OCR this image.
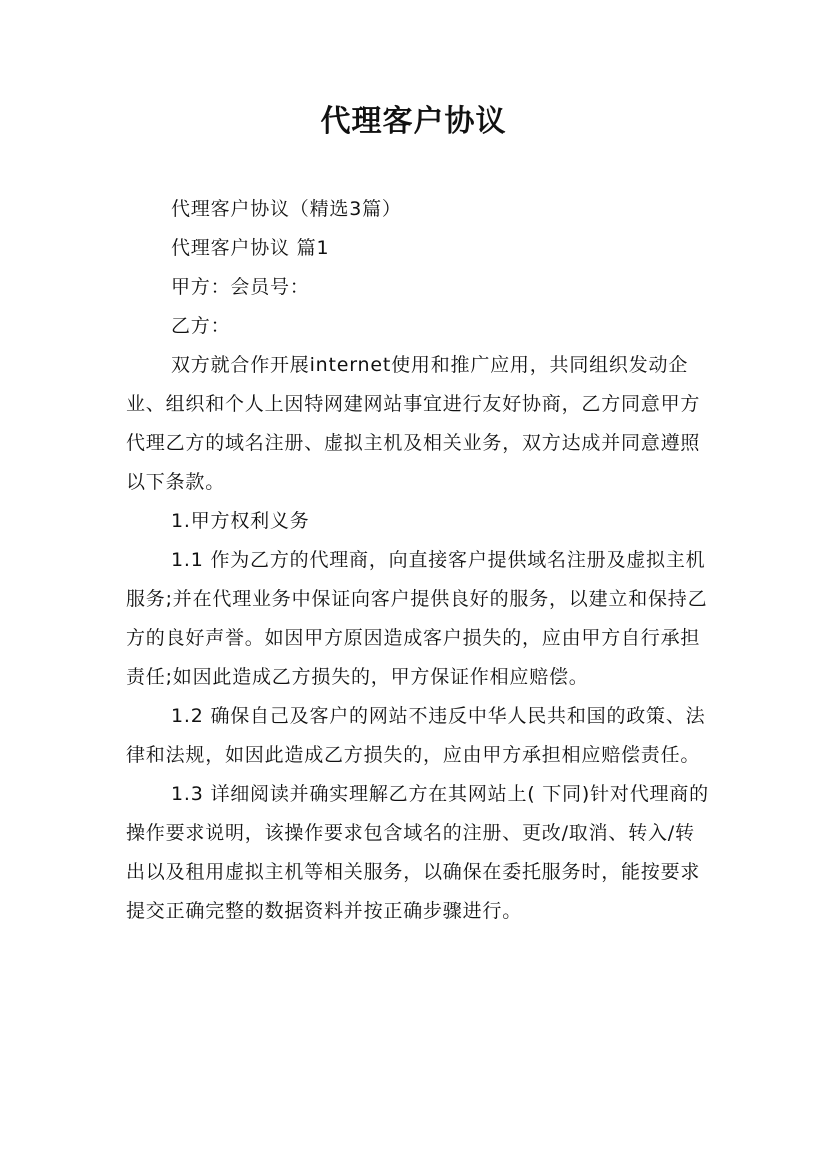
代理客户协议

代理客户协议（精选3篇）

代理客户协议 篇1

甲方：会员号：

乙方：

双方就合作开展internet使用和推广应用，共同组织发动企业、组织和个人上因特网建网站事宜进行友好协商，乙方同意甲方代理乙方的域名注册、虚拟主机及相关业务，双方达成并同意遵照以下条款。

1.甲方权利义务

1.1 作为乙方的代理商，向直接客户提供域名注册及虚拟主机服务;并在代理业务中保证向客户提供良好的服务，以建立和保持乙方的良好声誉。如因甲方原因造成客户损失的，应由甲方自行承担责任;如因此造成乙方损失的，甲方保证作相应赔偿。

1.2 确保自己及客户的网站不违反中华人民共和国的政策、法律和法规，如因此造成乙方损失的，应由甲方承担相应赔偿责任。

1.3 详细阅读并确实理解乙方在其网站上( 下同)针对代理商的操作要求说明，该操作要求包含域名的注册、更改/取消、转入/转出以及租用虚拟主机等相关服务，以确保在委托服务时，能按要求提交正确完整的数据资料并按正确步骤进行。
